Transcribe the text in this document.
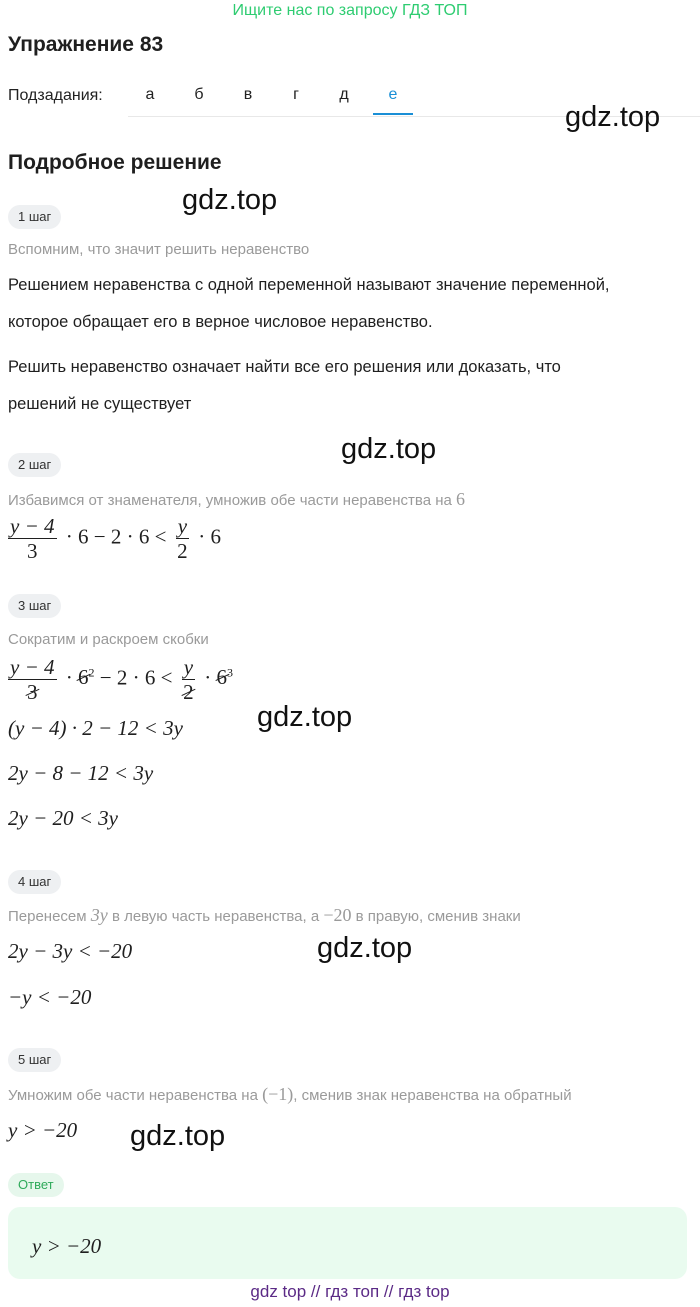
Ищите нас по запросу ГДЗ ТОП
Упражнение 83
Подзадания:	а	б	в	г	д	е
gdz.top
Подробное решение
gdz.top
1 шаг
Вспомним, что значит решить неравенство
Решением неравенства с одной переменной называют значение переменной,
которое обращает его в верное числовое неравенство.
Решить неравенство означает найти все его решения или доказать, что
решений не существует
gdz.top
2 шаг
Избавимся от знаменателя, умножив обе части неравенства на 6
$\frac{y - 4}{3} \cdot 6 - 2 \cdot 6 < \frac{y}{2} \cdot 6$
3 шаг
Сократим и раскроем скобки
$\frac{y - 4}{3} \cdot 6^2 - 2 \cdot 6 < \frac{y}{2} \cdot 6^3$
(y − 4) · 2 − 12 < 3y	gdz.top
2y − 8 − 12 < 3y
2y − 20 < 3y
4 шаг
Перенесем 3y в левую часть неравенства, а −20 в правую, сменив знаки
2y − 3y < −20	gdz.top
−y < −20
5 шаг
Умножим обе части неравенства на (−1), сменив знак неравенства на обратный
y > −20 gdz.top
Ответ
y > −20
gdz top // гдз топ // гдз top
